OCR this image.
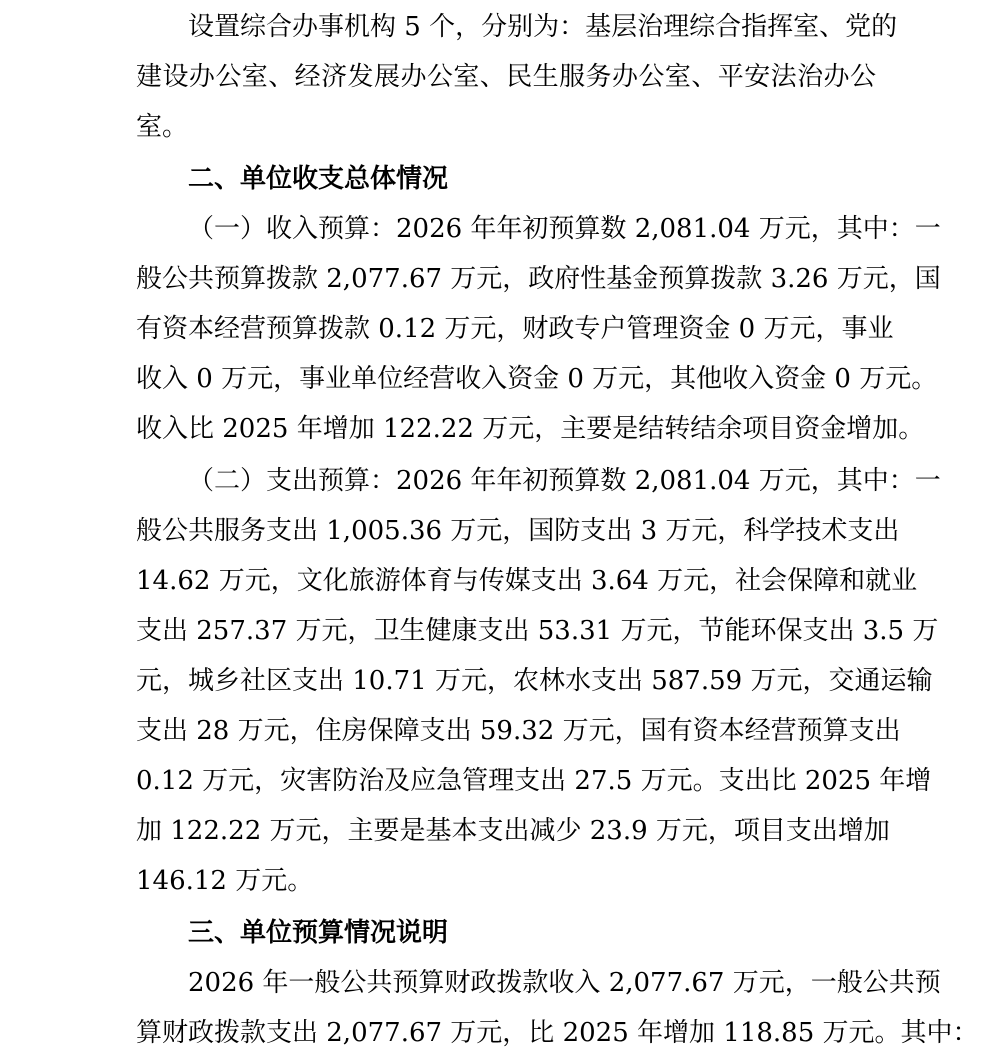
设置综合办事机构 5 个，分别为：基层治理综合指挥室、党的
建设办公室、经济发展办公室、民生服务办公室、平安法治办公
室。
二、单位收支总体情况
（一）收入预算：2026 年年初预算数 2,081.04 万元，其中：一
般公共预算拨款 2,077.67 万元，政府性基金预算拨款 3.26 万元，国
有资本经营预算拨款 0.12 万元，财政专户管理资金 0 万元，事业
收入 0 万元，事业单位经营收入资金 0 万元，其他收入资金 0 万元。
收入比 2025 年增加 122.22 万元，主要是结转结余项目资金增加。
（二）支出预算：2026 年年初预算数 2,081.04 万元，其中：一
般公共服务支出 1,005.36 万元，国防支出 3 万元，科学技术支出
14.62 万元，文化旅游体育与传媒支出 3.64 万元，社会保障和就业
支出 257.37 万元，卫生健康支出 53.31 万元，节能环保支出 3.5 万
元，城乡社区支出 10.71 万元，农林水支出 587.59 万元，交通运输
支出 28 万元，住房保障支出 59.32 万元，国有资本经营预算支出
0.12 万元，灾害防治及应急管理支出 27.5 万元。支出比 2025 年增
加 122.22 万元，主要是基本支出减少 23.9 万元，项目支出增加
146.12 万元。
三、单位预算情况说明
2026 年一般公共预算财政拨款收入 2,077.67 万元，一般公共预
算财政拨款支出 2,077.67 万元，比 2025 年增加 118.85 万元。其中：
